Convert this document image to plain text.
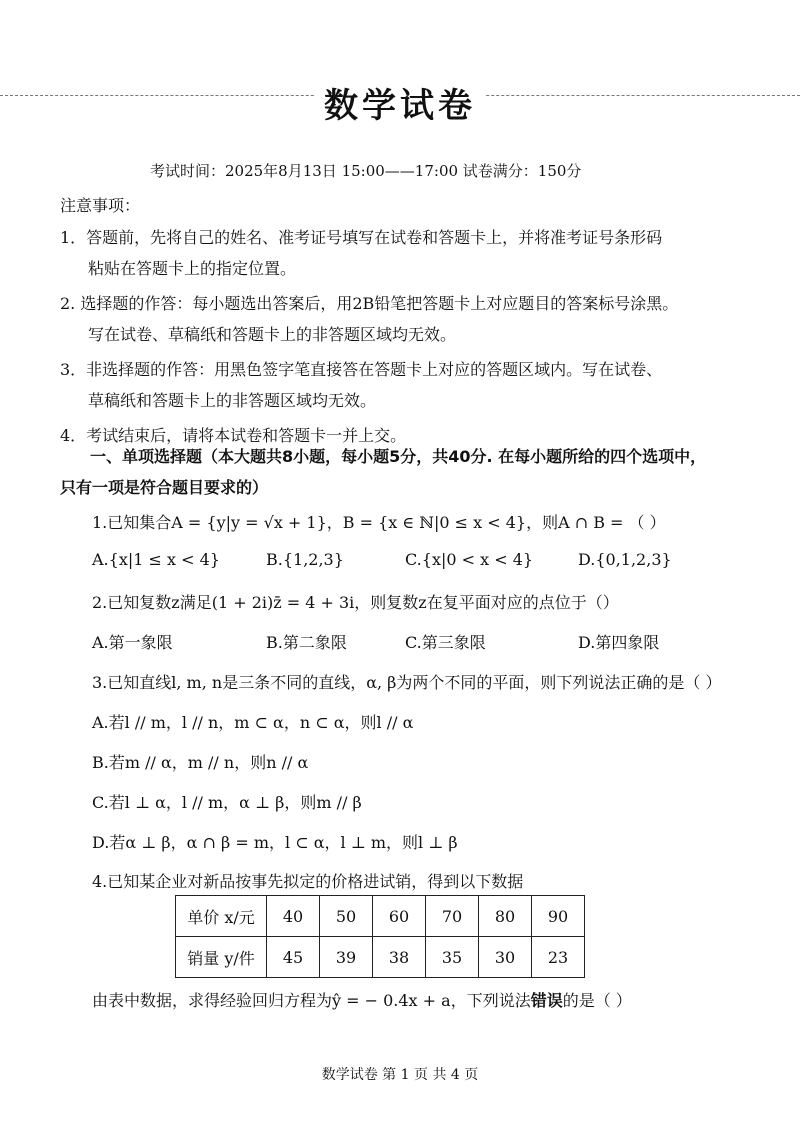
数学试卷
考试时间：2025年8月13日 15:00——17:00 试卷满分：150分
注意事项：
1．答题前，先将自己的姓名、准考证号填写在试卷和答题卡上，并将准考证号条形码
粘贴在答题卡上的指定位置。
2. 选择题的作答：每小题选出答案后，用2B铅笔把答题卡上对应题目的答案标号涂黑。
写在试卷、草稿纸和答题卡上的非答题区域均无效。
3．非选择题的作答：用黑色签字笔直接答在答题卡上对应的答题区域内。写在试卷、
草稿纸和答题卡上的非答题区域均无效。
4．考试结束后，请将本试卷和答题卡一并上交。
一、单项选择题（本大题共8小题，每小题5分，共40分. 在每小题所给的四个选项中，
只有一项是符合题目要求的）
1.已知集合A = {y|y = √x + 1}，B = {x ∈ ℕ|0 ≤ x < 4}，则A ∩ B = （ ）
A.{x|1 ≤ x < 4}	B.{1,2,3}	C.{x|0 < x < 4}	D.{0,1,2,3}
2.已知复数z满足(1 + 2i)z̄ = 4 + 3i，则复数z在复平面对应的点位于（）
A.第一象限	B.第二象限	C.第三象限	D.第四象限
3.已知直线l, m, n是三条不同的直线，α, β为两个不同的平面，则下列说法正确的是（ ）
A.若l // m，l // n，m ⊂ α，n ⊂ α，则l // α
B.若m // α，m // n，则n // α
C.若l ⊥ α，l // m，α ⊥ β，则m // β
D.若α ⊥ β，α ∩ β = m，l ⊂ α，l ⊥ m，则l ⊥ β
4.已知某企业对新品按事先拟定的价格进试销，得到以下数据
单价 x/元	40	50	60	70	80	90
销量 y/件	45	39	38	35	30	23
由表中数据，求得经验回归方程为ŷ = − 0.4x + a，下列说法错误的是（ ）
数学试卷 第 1 页 共 4 页
